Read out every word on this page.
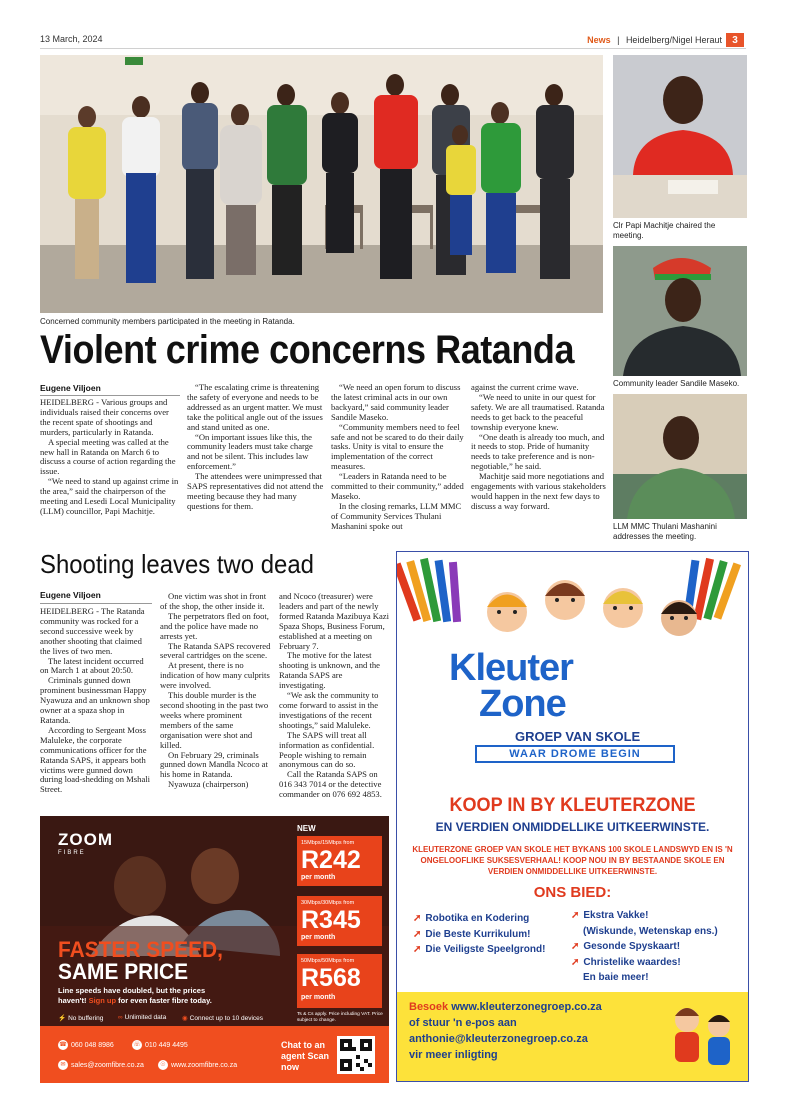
13 March, 2024	News | Heidelberg/Nigel Heraut	3
Concerned community members participated in the meeting in Ratanda.
Clr Papi Machitje chaired the meeting.
Community leader Sandile Maseko.
LLM MMC Thulani Mashanini addresses the meeting.
Violent crime concerns Ratanda
Eugene Viljoen

HEIDELBERG - Various groups and individuals raised their concerns over the recent spate of shootings and murders, particularly in Ratanda.

A special meeting was called at the new hall in Ratanda on March 6 to discuss a course of action regarding the issue.

“We need to stand up against crime in the area,” said the chairperson of the meeting and Lesedi Local Municipality (LLM) councillor, Papi Machitje.

“The escalating crime is threatening the safety of everyone and needs to be addressed as an urgent matter. We must take the political angle out of the issues and stand united as one.

“On important issues like this, the community leaders must take charge and not be silent. This includes law enforcement.”

The attendees were unimpressed that SAPS representatives did not attend the meeting because they had many questions for them.

“We need an open forum to discuss the latest criminal acts in our own backyard,” said community leader Sandile Maseko.

“Community members need to feel safe and not be scared to do their daily tasks. Unity is vital to ensure the implementation of the correct measures.

“Leaders in Ratanda need to be committed to their community,” added Maseko.

In the closing remarks, LLM MMC of Community Services Thulani Mashanini spoke out

against the current crime wave.

“We need to unite in our quest for safety. We are all traumatised. Ratanda needs to get back to the peaceful township everyone knew.

“One death is already too much, and it needs to stop. Pride of humanity needs to take preference and is non-negotiable,” he said.

Machitje said more negotiations and engagements with various stakeholders would happen in the next few days to discuss a way forward.

Shooting leaves two dead
Eugene Viljoen

HEIDELBERG - The Ratanda community was rocked for a second successive week by another shooting that claimed the lives of two men.

The latest incident occurred on March 1 at about 20:50.

Criminals gunned down prominent businessman Happy Nyawuza and an unknown shop owner at a spaza shop in Ratanda.

According to Sergeant Moss Maluleke, the corporate communications officer for the Ratanda SAPS, it appears both victims were gunned down during load-shedding on Mshali Street.

One victim was shot in front of the shop, the other inside it.

The perpetrators fled on foot, and the police have made no arrests yet.

The Ratanda SAPS recovered several cartridges on the scene.

At present, there is no indication of how many culprits were involved.

This double murder is the second shooting in the past two weeks where prominent members of the same organisation were shot and killed.

On February 29, criminals gunned down Mandla Ncoco at his home in Ratanda.

Nyawuza (chairperson)

and Ncoco (treasurer) were leaders and part of the newly formed Ratanda Mazibuya Kazi Spaza Shops, Business Forum, established at a meeting on February 7.

The motive for the latest shooting is unknown, and the Ratanda SAPS are investigating.

“We ask the community to come forward to assist in the investigations of the recent shootings,” said Maluleke.

The SAPS will treat all information as confidential. People wishing to remain anonymous can do so.

Call the Ratanda SAPS on 016 343 7014 or the detective commander on 076 692 4853.

Kleuter
Zone
GROEP VAN SKOLE
WAAR DROME BEGIN
KOOP IN BY KLEUTERZONE
EN VERDIEN ONMIDDELLIKE UITKEERWINSTE.
KLEUTERZONE GROEP VAN SKOLE HET BYKANS 100 SKOLE LANDSWYD EN IS 'N ONGELOOFLIKE SUKSESVERHAAL! KOOP NOU IN BY BESTAANDE SKOLE EN VERDIEN ONMIDDELLIKE UITKEERWINSTE.
ONS BIED:
➚ Robotika en Kodering
➚ Die Beste Kurrikulum!
➚ Die Veiligste Speelgrond!
➚ Ekstra Vakke!
(Wiskunde, Wetenskap ens.)
➚ Gesonde Spyskaart!
➚ Christelike waardes!
En baie meer!
Besoek www.kleuterzonegroep.co.za
of stuur 'n e-pos aan
anthonie@kleuterzonegroep.co.za
vir meer inligting
ZOOM
FIBRE
FASTER SPEED,
SAME PRICE
Line speeds have doubled, but the prices
haven't! Sign up for even faster fibre today.
⚡ No buffering ∞ Unlimited data ◉ Connect up to 10 devices
NEW
15Mbps/15Mbps from
R242
per month
30Mbps/30Mbps from
R345
per month
50Mbps/50Mbps from
R568
per month
Ts & Cs apply. Price including VAT. Price subject to change.
☎ 060 048 8986	☏ 010 449 4495
✉ sales@zoomfibre.co.za	☉ www.zoomfibre.co.za
Chat to an agent Scan now
